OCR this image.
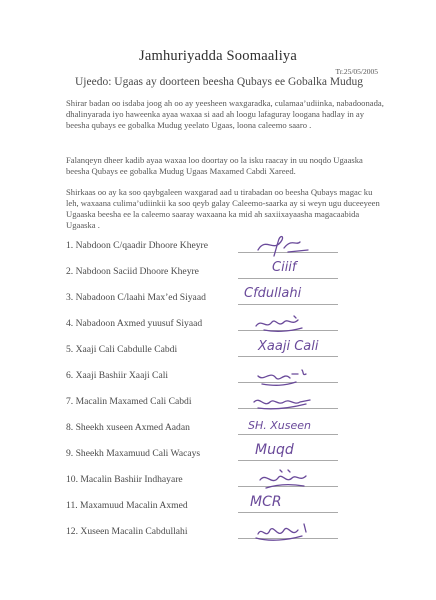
Jamhuriyadda Soomaaliya
Tr.25/05/2005
Ujeedo: Ugaas ay doorteen beesha Qubays ee Gobalka Mudug
Shirar badan oo isdaba joog ah oo ay yeesheen waxgaradka, culamaa’udiinka, nabadoonada, dhalinyarada iyo haweenka ayaa waxaa si aad ah loogu lafaguray loogana hadlay in ay beesha qubays ee gobalka Mudug yeelato Ugaas, loona caleemo saaro .
Falanqeyn dheer kadib ayaa waxaa loo doortay oo la isku raacay in uu noqdo Ugaaska beesha Qubays ee gobalka Mudug Ugaas Maxamed Cabdi Xareed.
Shirkaas oo ay ka soo qaybgaleen waxgarad aad u tirabadan oo beesha Qubays magac ku leh, waxaana culima’udiinkii ka soo qeyb galay Caleemo-saarka ay si weyn ugu duceeyeen Ugaaska beesha ee la caleemo saaray waxaana ka mid ah saxiixayaasha magacaabida Ugaaska .
1. Nabdoon C/qaadir Dhoore Kheyre
2. Nabdoon Saciid Dhoore Kheyre	Ciiif
3. Nabadoon C/laahi Max’ed Siyaad	Cfdullahi
4. Nabadoon Axmed yuusuf Siyaad
5. Xaaji Cali Cabdulle Cabdi	Xaaji Cali
6. Xaaji Bashiir Xaaji Cali
7. Macalin Maxamed Cali Cabdi
8. Sheekh xuseen Axmed Aadan	SH. Xuseen
9. Sheekh Maxamuud Cali Wacays	Muqd
10. Macalin Bashiir Indhayare
11. Maxamuud Macalin Axmed	MCR
12. Xuseen Macalin Cabdullahi
